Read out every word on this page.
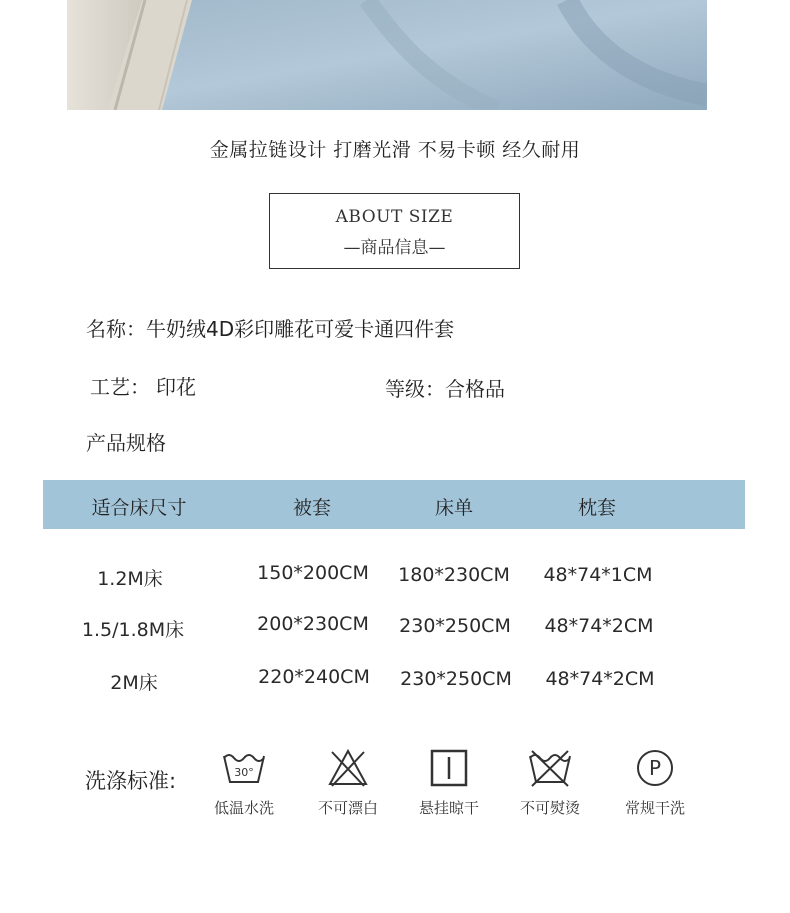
金属拉链设计 打磨光滑 不易卡顿 经久耐用
ABOUT SIZE
—商品信息—
名称：牛奶绒4D彩印雕花可爱卡通四件套
工艺： 印花	等级：合格品
产品规格
适合床尺寸	被套	床单	枕套
1.2M床	150*200CM 180*230CM 48*74*1CM
1.5/1.8M床	200*230CM 230*250CM 48*74*2CM
2M床	220*240CM 230*250CM 48*74*2CM
洗涤标准:	30°	P
低温水洗	不可漂白	悬挂晾干	不可熨烫	常规干洗
